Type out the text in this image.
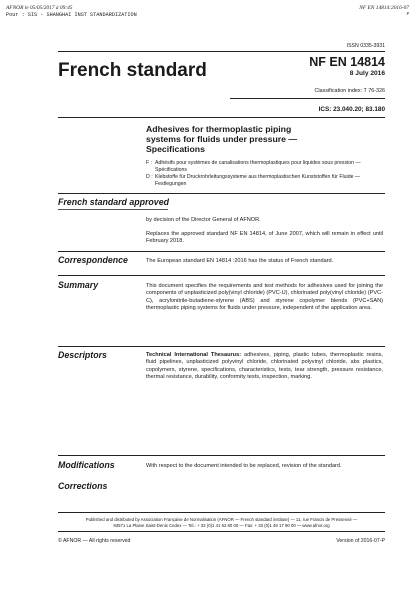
AFNOR le 05/05/2017 à 09:45
Pour : SIS - SHANGHAI INST STANDARDIZATION
NF EN 14814:2016-07
P
ISSN 0335-3931
French standard	NF EN 14814
8 July 2016
Classification index: T 76-326
ICS: 23.040.20; 83.180
Adhesives for thermoplastic piping systems for fluids under pressure — Specifications
F : Adhésifs pour systèmes de canalisations thermoplastiques pour liquides sous pression — Spécifications
D : Klebstoffe für Druckrohrleitungssysteme aus thermoplastischen Kunststoffen für Fluide — Festlegungen
French standard approved
by decision of the Director General of AFNOR.
Replaces the approved standard NF EN 14814, of June 2007, which will remain in effect until February 2018.
Correspondence	The European standard EN 14814 :2016 has the status of French standard.
Summary	This document specifies the requirements and test methods for adhesives used for joining the components of unplasticized poly(vinyl chloride) (PVC-U), chlorinated poly(vinyl chloride) (PVC-C), acrylonitrile-butadiene-styrene (ABS) and styrene copolymer blends (PVC+SAN) thermoplastic piping systems for fluids under pressure, independent of the application area.
Descriptors	Technical International Thesaurus: adhesives, piping, plastic tubes, thermoplastic resins, fluid pipelines, unplasticized polyvinyl chloride, chlorinated polyvinyl chloride, abs plastics, copolymers, styrene, specifications, characteristics, tests, tear strength, pressure resistance, thermal resistance, durability, conformity tests, inspection, marking.
Modifications	With respect to the document intended to be replaced, revision of the standard.
Corrections
Published and distributed by Association Française de Normalisation (AFNOR — French standard institute) — 11, rue Francis de Pressensé —
93571 La Plaine Saint-Denis Cedex — Tel.: + 33 (0)1 41 62 80 00 — Fax: + 33 (0)1 49 17 90 00 — www.afnor.org
© AFNOR — All rights reserved	Version of 2016-07-P
